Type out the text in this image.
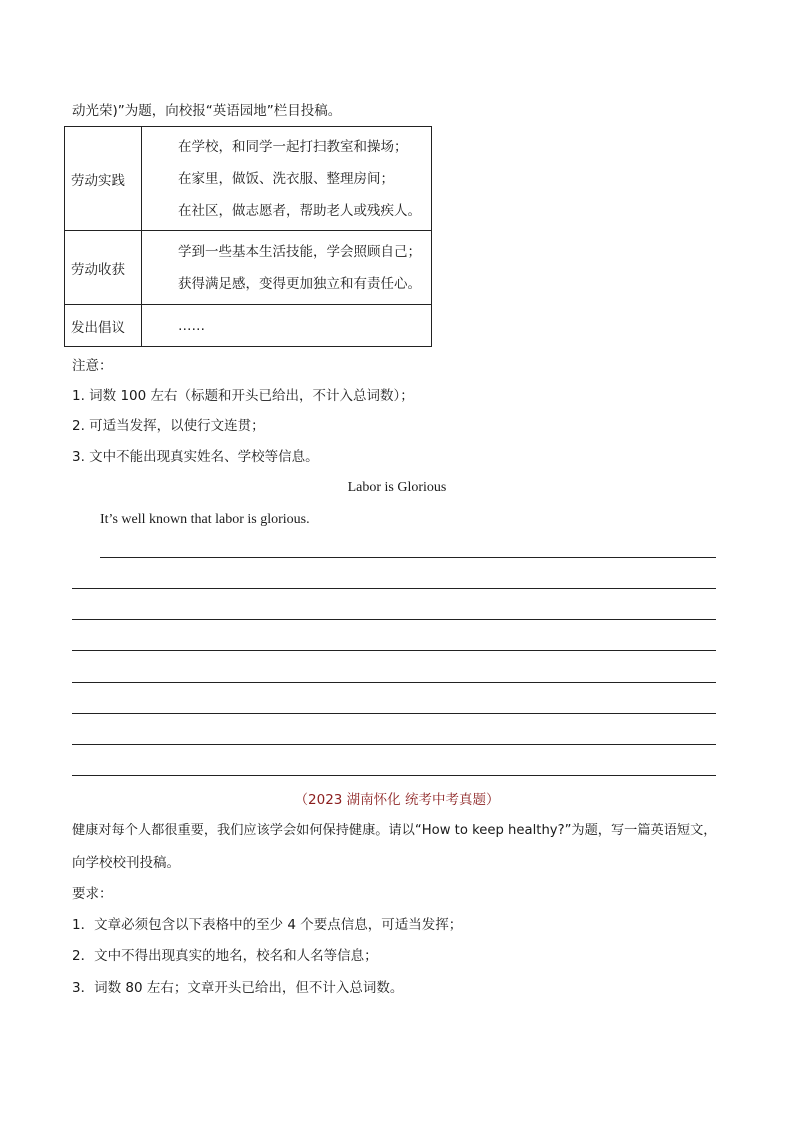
动光荣)”为题，向校报“英语园地”栏目投稿。
劳动实践	在学校，和同学一起打扫教室和操场；
在家里，做饭、洗衣服、整理房间；
在社区，做志愿者，帮助老人或残疾人。

劳动收获	学到一些基本生活技能，学会照顾自己；
获得满足感，变得更加独立和有责任心。

发出倡议	……
注意：
1. 词数 100 左右（标题和开头已给出，不计入总词数）；
2. 可适当发挥，以使行文连贯；
3. 文中不能出现真实姓名、学校等信息。
Labor is Glorious
It’s well known that labor is glorious.
（2023 湖南怀化 统考中考真题）
健康对每个人都很重要，我们应该学会如何保持健康。请以“How to keep healthy?”为题，写一篇英语短文，
向学校校刊投稿。
要求：
1．文章必须包含以下表格中的至少 4 个要点信息，可适当发挥；
2．文中不得出现真实的地名，校名和人名等信息；
3．词数 80 左右；文章开头已给出，但不计入总词数。
